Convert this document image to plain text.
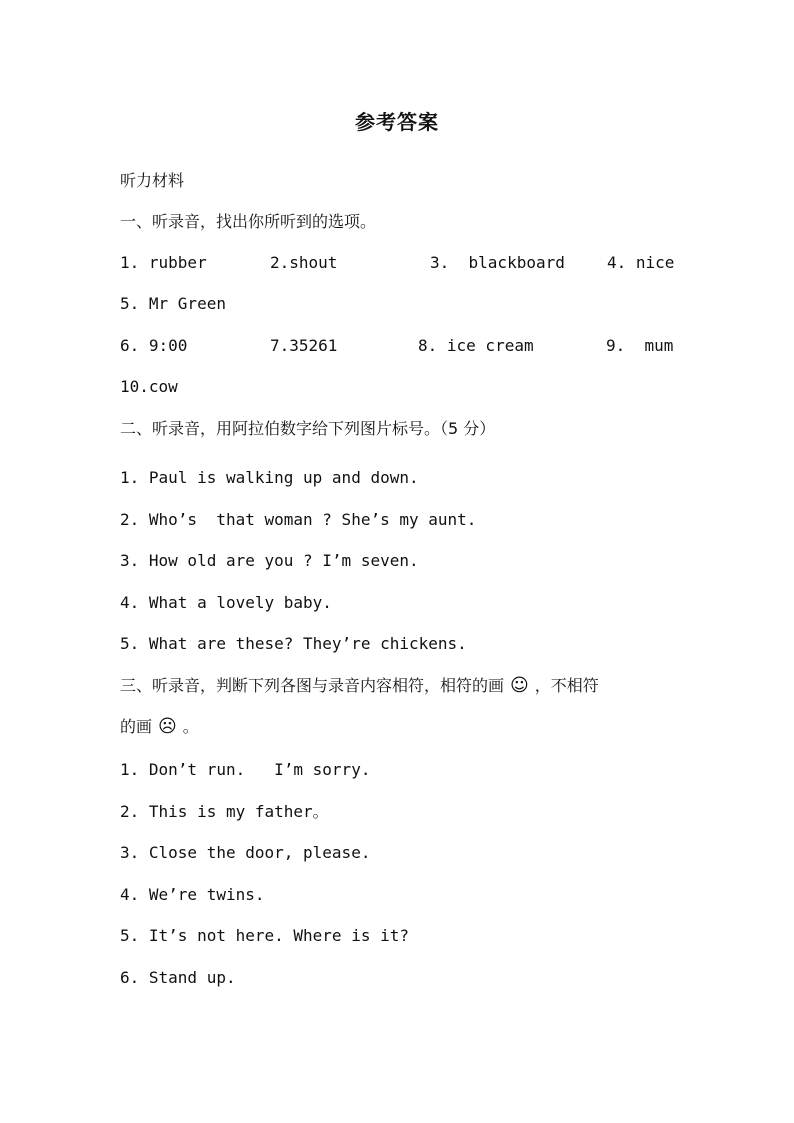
参考答案
听力材料
一、听录音，找出你所听到的选项。
1. rubber	2.shout	3.  blackboard	4. nice
5. Mr Green
6. 9:00	7.35261	8. ice cream	9.  mum
10.cow
二、听录音，用阿拉伯数字给下列图片标号。（5 分）
1. Paul is walking up and down.
2. Who’s  that woman ? She’s my aunt.
3. How old are you ? I’m seven.
4. What a lovely baby.
5. What are these? They’re chickens.
三、听录音，判断下列各图与录音内容相符，相符的画 ☺ ，不相符
的画 ☹ 。
1. Don’t run.   I’m sorry.
2. This is my father。
3. Close the door, please.
4. We’re twins.
5. It’s not here. Where is it?
6. Stand up.
